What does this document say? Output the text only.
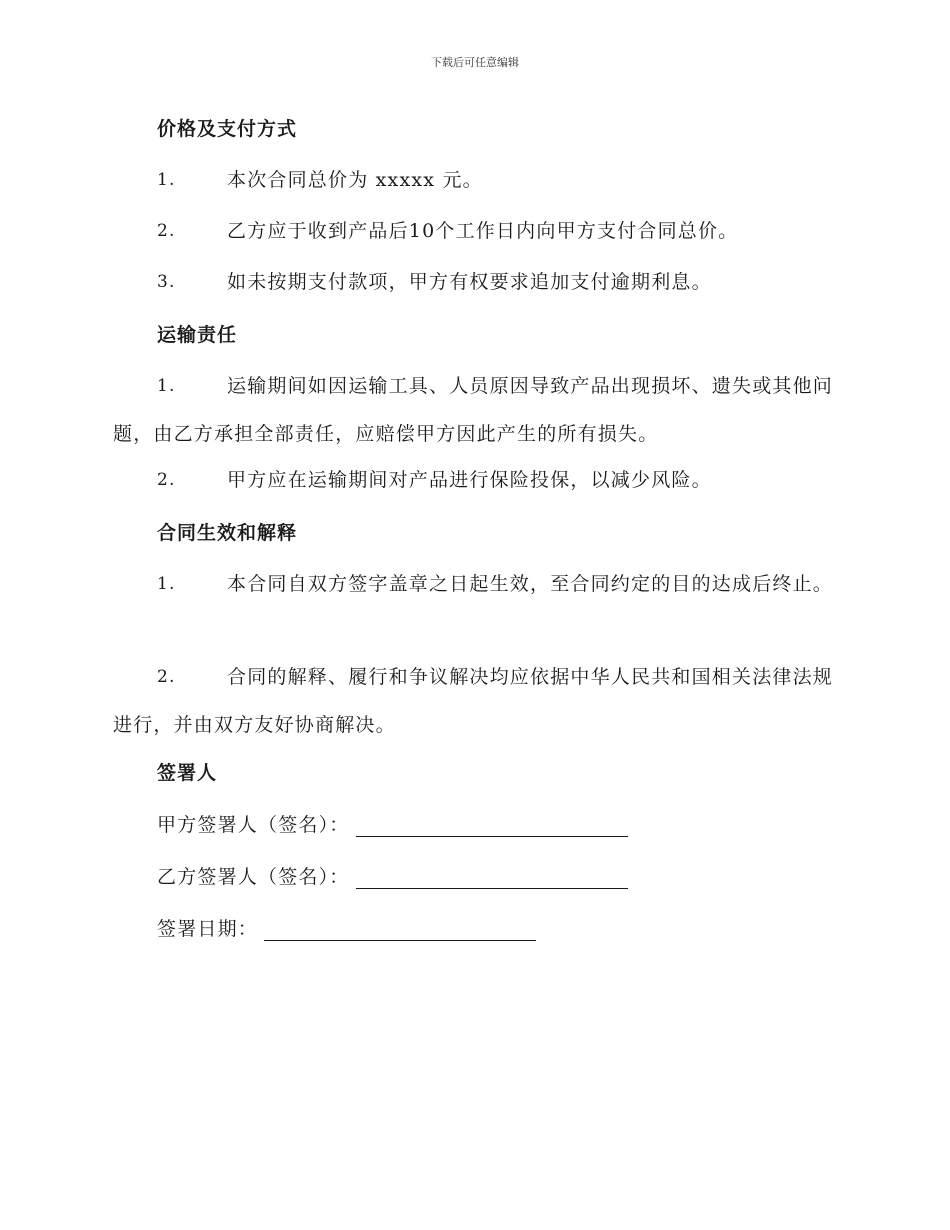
下载后可任意编辑
价格及支付方式
1.	本次合同总价为 xxxxx 元。
2.	乙方应于收到产品后10个工作日内向甲方支付合同总价。
3.	如未按期支付款项，甲方有权要求追加支付逾期利息。
运输责任
1.	运输期间如因运输工具、人员原因导致产品出现损坏、遗失或其他问题，由乙方承担全部责任，应赔偿甲方因此产生的所有损失。
2.	甲方应在运输期间对产品进行保险投保，以减少风险。
合同生效和解释
1.	本合同自双方签字盖章之日起生效，至合同约定的目的达成后终止。
2.	合同的解释、履行和争议解决均应依据中华人民共和国相关法律法规进行，并由双方友好协商解决。
签署人
甲方签署人（签名）：
乙方签署人（签名）：
签署日期：
